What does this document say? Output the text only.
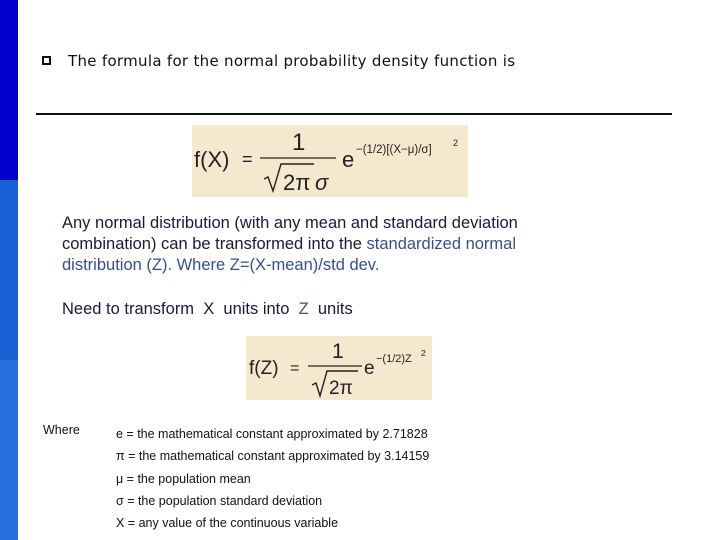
The formula for the normal probability density function is
f(X) =
1
2π σ
e −(1/2)[(X−μ)/σ]
2
Any normal distribution (with any mean and standard deviation combination) can be transformed into the standardized normal distribution (Z). Where Z=(X-mean)/std dev.
Need to transform  X  units into  Z  units
f(Z) =
1
2π
e −(1/2)Z 2
Where	e = the mathematical constant approximated by 2.71828
π = the mathematical constant approximated by 3.14159
μ = the population mean
σ = the population standard deviation
X = any value of the continuous variable
